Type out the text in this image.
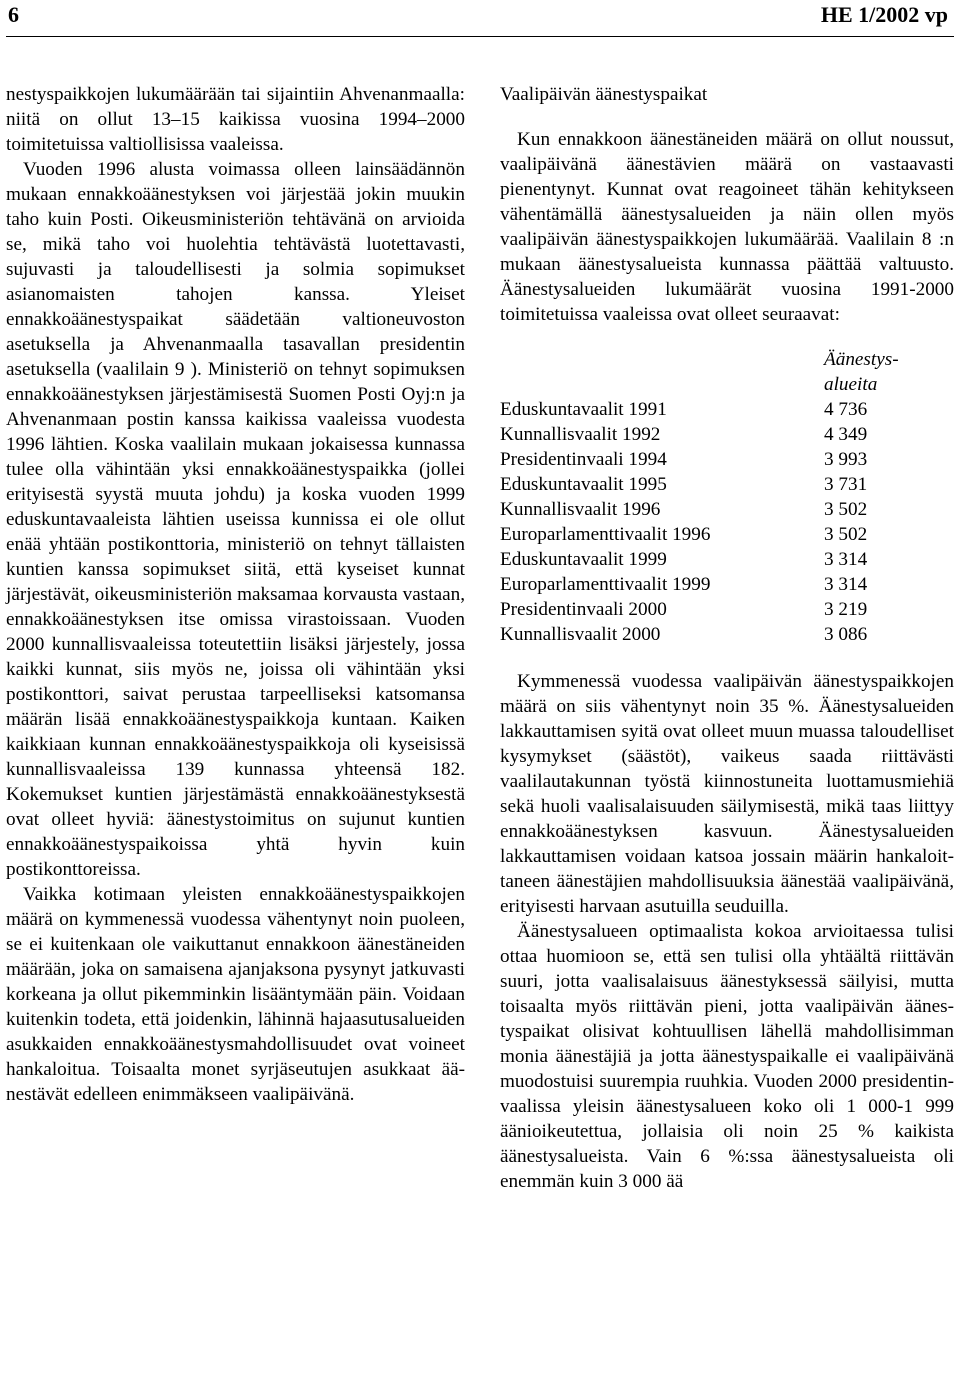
6	HE 1/2002 vp

nestyspaikkojen lukumäärään tai sijaintiin Ahvenanmaalla: niitä on ollut 13–15 kaikissa vuosina 1994–2000 toimitetuissa valtiollisissa vaaleissa.

Vuoden 1996 alusta voimassa olleen lainsäädännön mukaan ennakkoäänestyksen voi järjestää jokin muukin taho kuin Posti. Oikeusministeriön tehtävänä on arvioida se, mikä taho voi huolehtia tehtävästä luotettavasti, sujuvasti ja taloudellisesti ja solmia sopimukset asianomaisten tahojen kanssa. Yleiset ennakkoäänestyspaikat säädetään valtioneuvoston asetuksella ja Ahvenanmaalla tasavallan presidentin asetuksella (vaalilain 9 ). Ministeriö on tehnyt sopimuksen ennakkoäänestyksen järjestämisestä Suomen Posti Oyj:n ja Ahvenanmaan postin kanssa kaikissa vaaleissa vuodesta 1996 lähtien. Koska vaalilain mukaan jokaisessa kunnassa tulee olla vähintään yksi ennakkoäänestyspaikka (jollei erityisestä syystä muuta johdu) ja koska vuoden 1999 eduskuntavaaleista lähtien useissa kunnissa ei ole ollut enää yhtään postikonttoria, ministeriö on tehnyt tällaisten kuntien kanssa sopimukset siitä, että kyseiset kunnat järjestävät, oikeusministeriön maksamaa korvausta vastaan, ennakkoäänestyksen itse omissa virastoissaan. Vuoden 2000 kunnallisvaaleissa toteutettiin lisäksi järjestely, jossa kaikki kunnat, siis myös ne, joissa oli vähintään yksi postikonttori, saivat perustaa tarpeelliseksi katsomansa määrän lisää ennakkoäänestyspaikkoja kuntaan. Kaiken kaikkiaan kunnan ennakkoäänestyspaikkoja oli kyseisissä kunnallisvaaleissa 139 kunnassa yhteensä 182. Kokemukset kuntien järjestämästä ennakkoäänestyksestä ovat olleet hyviä: äänestystoimitus on sujunut kuntien ennakkoäänestyspaikoissa yhtä hyvin kuin postikonttoreissa.

Vaikka kotimaan yleisten ennakkoäänestyspaikkojen määrä on kymmenessä vuodessa vähentynyt noin puoleen, se ei kuitenkaan ole vaikuttanut ennakkoon äänestäneiden määrään, joka on samaisena ajanjaksona pysynyt jatkuvasti korkeana ja ollut pikemminkin lisääntymään päin. Voidaan kuitenkin todeta, että joidenkin, lähinnä hajaasutusalueiden asukkaiden ennakkoäänestysmahdollisuudet ovat voineet hankaloitua. Toisaalta monet syrjäseutujen asukkaat äänestävät edelleen enimmäkseen vaalipäivänä.

Vaalipäivän äänestyspaikat

Kun ennakkoon äänestäneiden määrä on ollut noussut, vaalipäivänä äänestävien määrä on vastaavasti pienentynyt. Kunnat ovat reagoineet tähän kehitykseen vähentämällä äänestysalueiden ja näin ollen myös vaalipäivän äänestyspaikkojen lukumäärää. Vaalilain 8 :n mukaan äänestysalueista kunnassa päättää valtuusto. Äänestysalueiden lukumäärät vuosina 1991-2000 toimitetuissa vaaleissa ovat olleet seuraavat:

	Äänestysalueita
Eduskuntavaalit 1991	4 736
Kunnallisvaalit 1992	4 349
Presidentinvaali 1994	3 993
Eduskuntavaalit 1995	3 731
Kunnallisvaalit 1996	3 502
Europarlamenttivaalit 1996	3 502
Eduskuntavaalit 1999	3 314
Europarlamenttivaalit 1999	3 314
Presidentinvaali 2000	3 219
Kunnallisvaalit 2000	3 086

Kymmenessä vuodessa vaalipäivän äänestyspaikkojen määrä on siis vähentynyt noin 35 %. Äänestysalueiden lakkauttamisen syitä ovat olleet muun muassa taloudelliset kysymykset (säästöt), vaikeus saada riittävästi vaalilautakunnan työstä kiinnostuneita luottamusmiehiä sekä huoli vaalisalaisuuden säilymisestä, mikä taas liittyy ennakkoäänestyksen kasvuun. Äänestysalueiden lakkauttamisen voidaan katsoa jossain määrin hankaloittaneen äänestäjien mahdollisuuksia äänestää vaalipäivänä, erityisesti harvaan asutuilla seuduilla.

Äänestysalueen optimaalista kokoa arvioitaessa tulisi ottaa huomioon se, että sen tulisi olla yhtäältä riittävän suuri, jotta vaalisalaisuus äänestyksessä säilyisi, mutta toisaalta myös riittävän pieni, jotta vaalipäivän äänestyspaikat olisivat kohtuullisen lähellä mahdollisimman monia äänestäjiä ja jotta äänestyspaikalle ei vaalipäivänä muodostuisi suurempia ruuhkia. Vuoden 2000 presidentinvaalissa yleisin äänestysalueen koko oli 1 000-1 999 äänioikeutettua, jollaisia oli noin 25 % kaikista äänestysalueista. Vain 6 %:ssa äänestysalueista oli enemmän kuin 3 000 ää
